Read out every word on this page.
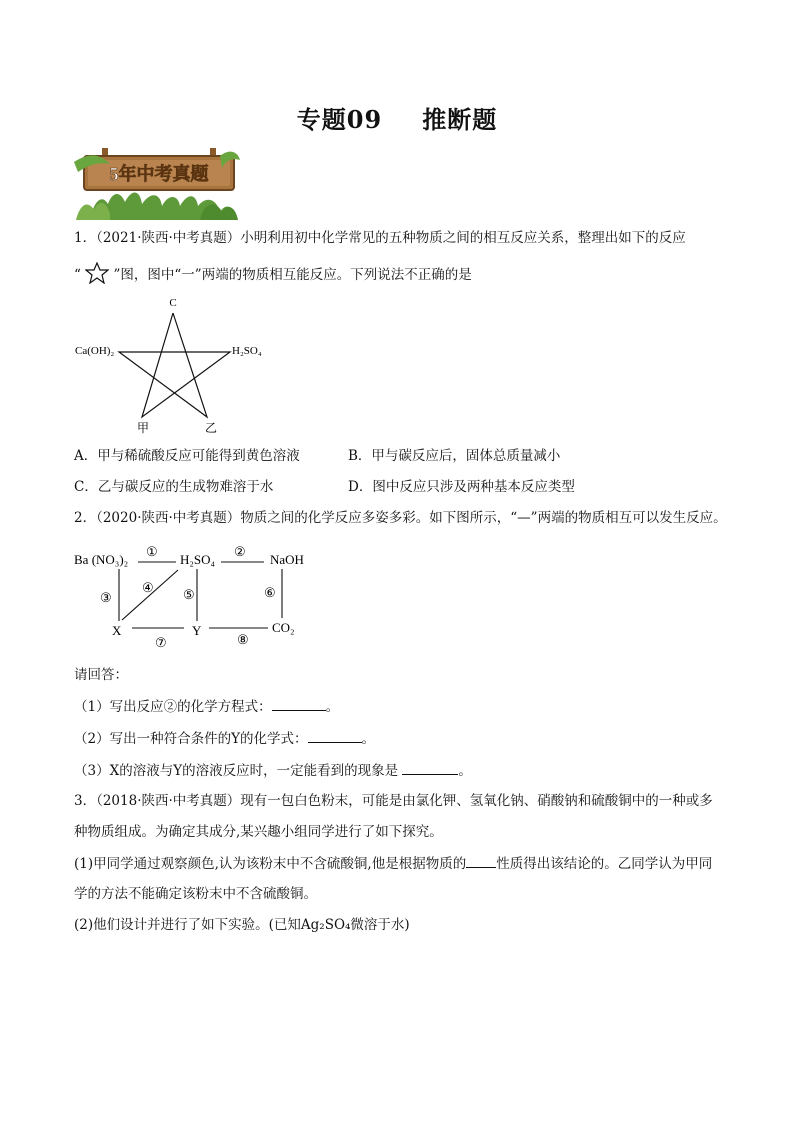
专题09 推断题
5年中考真题
1．（2021·陕西·中考真题）小明利用初中化学常见的五种物质之间的相互反应关系，整理出如下的反应
“ ”图，图中“一”两端的物质相互能反应。下列说法不正确的是
C
Ca(OH)₂	H₂SO₄
甲	乙
A．甲与稀硫酸反应可能得到黄色溶液	B．甲与碳反应后，固体总质量减小
C．乙与碳反应的生成物难溶于水	D．图中反应只涉及两种基本反应类型
2．（2020·陕西·中考真题）物质之间的化学反应多姿多彩。如下图所示，“—”两端的物质相互可以发生反应。
Ba (NO₃)₂	H₂SO₄	NaOH
X	Y	CO₂
①	②
③
④ ⑤	⑥
⑦	⑧
请回答：
（1）写出反应②的化学方程式：	。
（2）写出一种符合条件的Y的化学式：	。
（3）X的溶液与Y的溶液反应时，一定能看到的现象是	。
3．（2018·陕西·中考真题）现有一包白色粉末，可能是由氯化钾、氢氧化钠、硝酸钠和硫酸铜中的一种或多
种物质组成。为确定其成分,某兴趣小组同学进行了如下探究。
(1)甲同学通过观察颜色,认为该粉末中不含硫酸铜,他是根据物质的 性质得出该结论的。乙同学认为甲同
学的方法不能确定该粉末中不含硫酸铜。
(2)他们设计并进行了如下实验。(已知Ag₂SO₄微溶于水)
